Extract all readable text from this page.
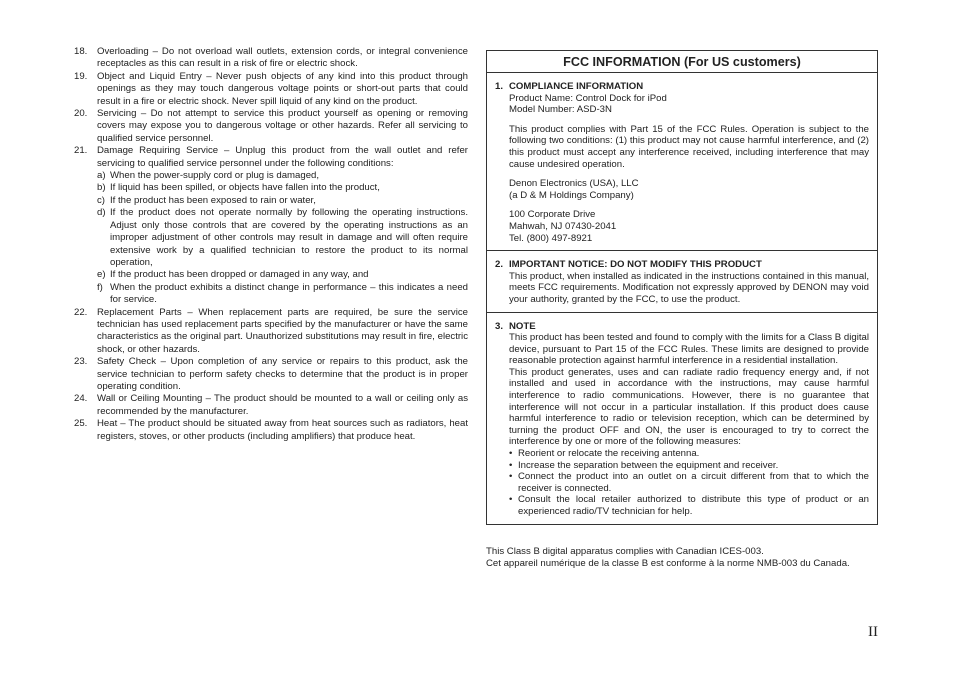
18.	Overloading – Do not overload wall outlets, extension cords, or integral convenience receptacles as this can result in a risk of fire or electric shock.
19.	Object and Liquid Entry – Never push objects of any kind into this product through openings as they may touch dangerous voltage points or short-out parts that could result in a fire or electric shock. Never spill liquid of any kind on the product.
20.	Servicing – Do not attempt to service this product yourself as opening or removing covers may expose you to dangerous voltage or other hazards. Refer all servicing to qualified service personnel.
21.	Damage Requiring Service – Unplug this product from the wall outlet and refer servicing to qualified service personnel under the following conditions:
a) When the power-supply cord or plug is damaged,
b) If liquid has been spilled, or objects have fallen into the product,
c) If the product has been exposed to rain or water,
d) If the product does not operate normally by following the operating instructions. Adjust only those controls that are covered by the operating instructions as an improper adjustment of other controls may result in damage and will often require extensive work by a qualified technician to restore the product to its normal operation,
e) If the product has been dropped or damaged in any way, and
f) When the product exhibits a distinct change in performance – this indicates a need for service.
22.	Replacement Parts – When replacement parts are required, be sure the service technician has used replacement parts specified by the manufacturer or have the same characteristics as the original part. Unauthorized substitutions may result in fire, electric shock, or other hazards.
23.	Safety Check – Upon completion of any service or repairs to this product, ask the service technician to perform safety checks to determine that the product is in proper operating condition.
24.	Wall or Ceiling Mounting – The product should be mounted to a wall or ceiling only as recommended by the manufacturer.
25.	Heat – The product should be situated away from heat sources such as radiators, heat registers, stoves, or other products (including amplifiers) that produce heat.
FCC INFORMATION (For US customers)
1. COMPLIANCE INFORMATION
Product Name: Control Dock for iPod
Model Number: ASD-3N
This product complies with Part 15 of the FCC Rules. Operation is subject to the following two conditions: (1) this product may not cause harmful interference, and (2) this product must accept any interference received, including interference that may cause undesired operation.
Denon Electronics (USA), LLC
(a D & M Holdings Company)
100 Corporate Drive
Mahwah, NJ 07430-2041
Tel. (800) 497-8921
2. IMPORTANT NOTICE: DO NOT MODIFY THIS PRODUCT
This product, when installed as indicated in the instructions contained in this manual, meets FCC requirements. Modification not expressly approved by DENON may void your authority, granted by the FCC, to use the product.
3. NOTE
This product has been tested and found to comply with the limits for a Class B digital device, pursuant to Part 15 of the FCC Rules. These limits are designed to provide reasonable protection against harmful interference in a residential installation.
This product generates, uses and can radiate radio frequency energy and, if not installed and used in accordance with the instructions, may cause harmful interference to radio communications. However, there is no guarantee that interference will not occur in a particular installation. If this product does cause harmful interference to radio or television reception, which can be determined by turning the product OFF and ON, the user is encouraged to try to correct the interference by one or more of the following measures:
• Reorient or relocate the receiving antenna.
• Increase the separation between the equipment and receiver.
• Connect the product into an outlet on a circuit different from that to which the receiver is connected.
• Consult the local retailer authorized to distribute this type of product or an experienced radio/TV technician for help.
This Class B digital apparatus complies with Canadian ICES-003.
Cet appareil numérique de la classe B est conforme à la norme NMB-003 du Canada.
II
